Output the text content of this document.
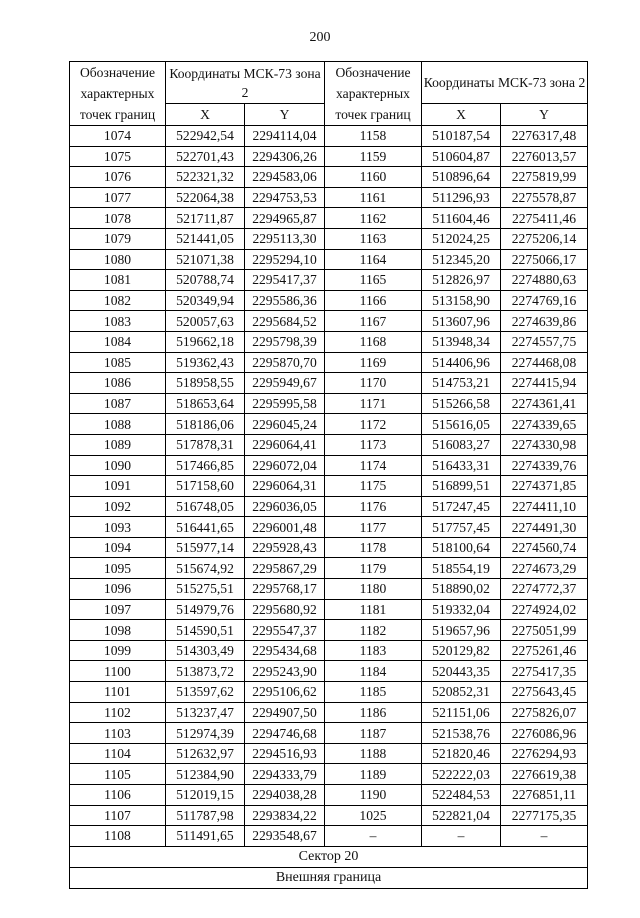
200
Обозначение характерных точек границ	Координаты МСК-73 зона 2		Обозначение характерных точек границ	Координаты МСК-73 зона 2	
	X	Y		X	Y
1074	522942,54	2294114,04	1158	510187,54	2276317,48
1075	522701,43	2294306,26	1159	510604,87	2276013,57
1076	522321,32	2294583,06	1160	510896,64	2275819,99
1077	522064,38	2294753,53	1161	511296,93	2275578,87
1078	521711,87	2294965,87	1162	511604,46	2275411,46
1079	521441,05	2295113,30	1163	512024,25	2275206,14
1080	521071,38	2295294,10	1164	512345,20	2275066,17
1081	520788,74	2295417,37	1165	512826,97	2274880,63
1082	520349,94	2295586,36	1166	513158,90	2274769,16
1083	520057,63	2295684,52	1167	513607,96	2274639,86
1084	519662,18	2295798,39	1168	513948,34	2274557,75
1085	519362,43	2295870,70	1169	514406,96	2274468,08
1086	518958,55	2295949,67	1170	514753,21	2274415,94
1087	518653,64	2295995,58	1171	515266,58	2274361,41
1088	518186,06	2296045,24	1172	515616,05	2274339,65
1089	517878,31	2296064,41	1173	516083,27	2274330,98
1090	517466,85	2296072,04	1174	516433,31	2274339,76
1091	517158,60	2296064,31	1175	516899,51	2274371,85
1092	516748,05	2296036,05	1176	517247,45	2274411,10
1093	516441,65	2296001,48	1177	517757,45	2274491,30
1094	515977,14	2295928,43	1178	518100,64	2274560,74
1095	515674,92	2295867,29	1179	518554,19	2274673,29
1096	515275,51	2295768,17	1180	518890,02	2274772,37
1097	514979,76	2295680,92	1181	519332,04	2274924,02
1098	514590,51	2295547,37	1182	519657,96	2275051,99
1099	514303,49	2295434,68	1183	520129,82	2275261,46
1100	513873,72	2295243,90	1184	520443,35	2275417,35
1101	513597,62	2295106,62	1185	520852,31	2275643,45
1102	513237,47	2294907,50	1186	521151,06	2275826,07
1103	512974,39	2294746,68	1187	521538,76	2276086,96
1104	512632,97	2294516,93	1188	521820,46	2276294,93
1105	512384,90	2294333,79	1189	522222,03	2276619,38
1106	512019,15	2294038,28	1190	522484,53	2276851,11
1107	511787,98	2293834,22	1025	522821,04	2277175,35
1108	511491,65	2293548,67	–	–	–
Сектор 20					
Внешняя граница					
